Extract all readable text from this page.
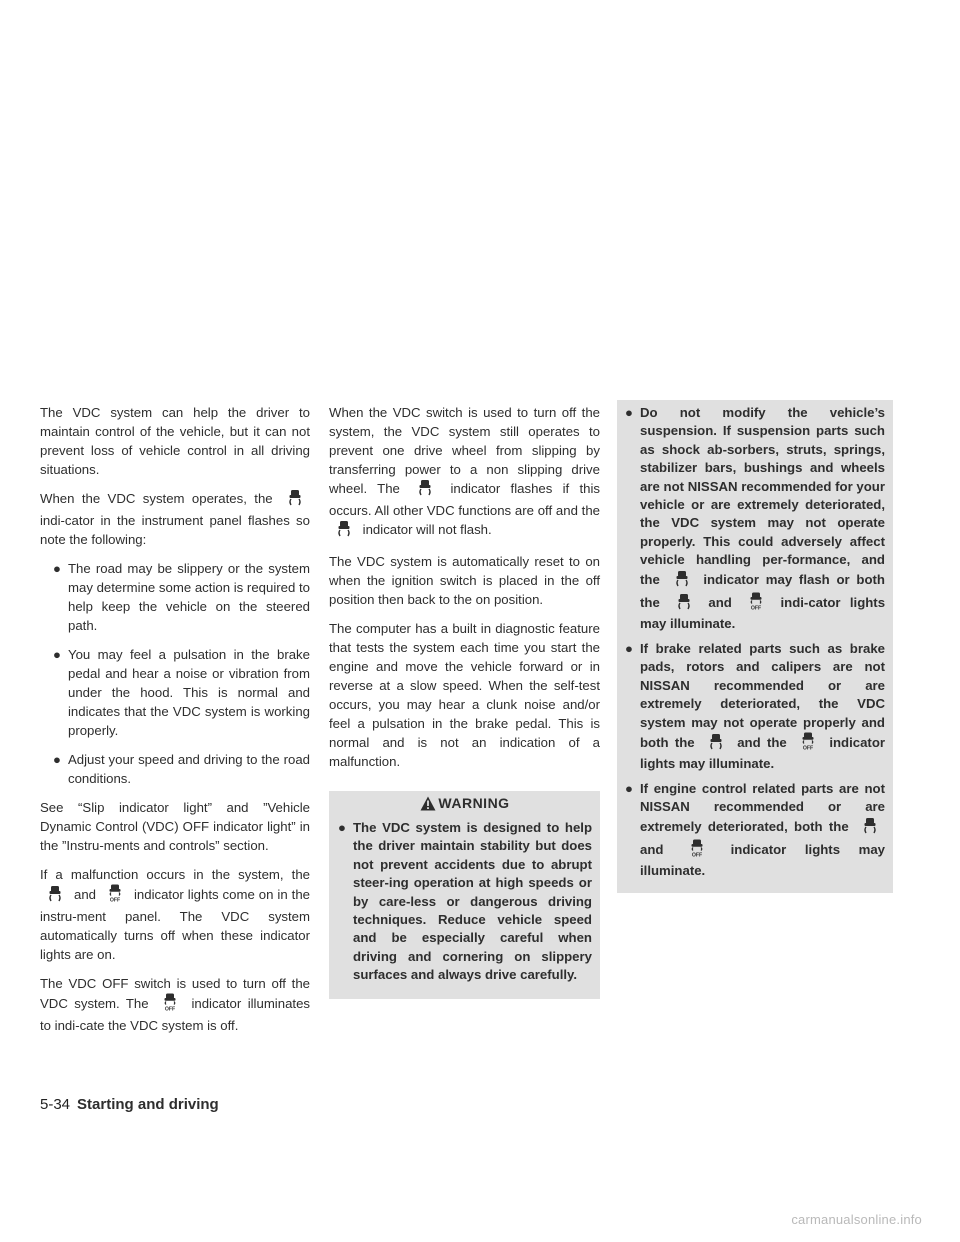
The VDC system can help the driver to maintain control of the vehicle, but it can not prevent loss of vehicle control in all driving situations.

When the VDC system operates, the  indi-cator in the instrument panel flashes so note the following:

● The road may be slippery or the system may determine some action is required to help keep the vehicle on the steered path.
● You may feel a pulsation in the brake pedal and hear a noise or vibration from under the hood. This is normal and indicates that the VDC system is working properly.
● Adjust your speed and driving to the road conditions.

See “Slip indicator light” and ”Vehicle Dynamic Control (VDC) OFF indicator light” in the ”Instru-ments and controls” section.

If a malfunction occurs in the system, the  and	OFF indicator lights come on in the instru-ment panel. The VDC system automatically turns off when these indicator lights are on.

The VDC OFF switch is used to turn off the VDC system. The	OFF indicator illuminates to indi-cate the VDC system is off.

When the VDC switch is used to turn off the system, the VDC system still operates to prevent one drive wheel from slipping by transferring power to a non slipping drive wheel. The	indicator flashes if this occurs. All other VDC functions are off and the  indicator will not flash.

The VDC system is automatically reset to on when the ignition switch is placed in the off position then back to the on position.

The computer has a built in diagnostic feature that tests the system each time you start the engine and move the vehicle forward or in reverse at a slow speed. When the self-test occurs, you may hear a clunk noise and/or feel a pulsation in the brake pedal. This is normal and is not an indication of a malfunction.

WARNING
● The VDC system is designed to help the driver maintain stability but does not prevent accidents due to abrupt steer-ing operation at high speeds or by care-less or dangerous driving techniques. Reduce vehicle speed and be especially careful when driving and cornering on slippery surfaces and always drive carefully.
● Do not modify the vehicle’s suspension. If suspension parts such as shock ab-sorbers, struts, springs, stabilizer bars, bushings and wheels are not NISSAN recommended for your vehicle or are extremely deteriorated, the VDC system may not operate properly. This could adversely affect vehicle handling per-formance, and the	indicator may flash or both the	and	OFF indi-cator lights may illuminate.
● If brake related parts such as brake pads, rotors and calipers are not NISSAN recommended or are extremely deteriorated, the VDC system may not operate properly and both the	and the	OFF indicator lights may illuminate.
● If engine control related parts are not NISSAN recommended or are extremely deteriorated, both the  and	OFF indicator lights may illuminate.
5-34 Starting and driving
carmanualsonline.info
